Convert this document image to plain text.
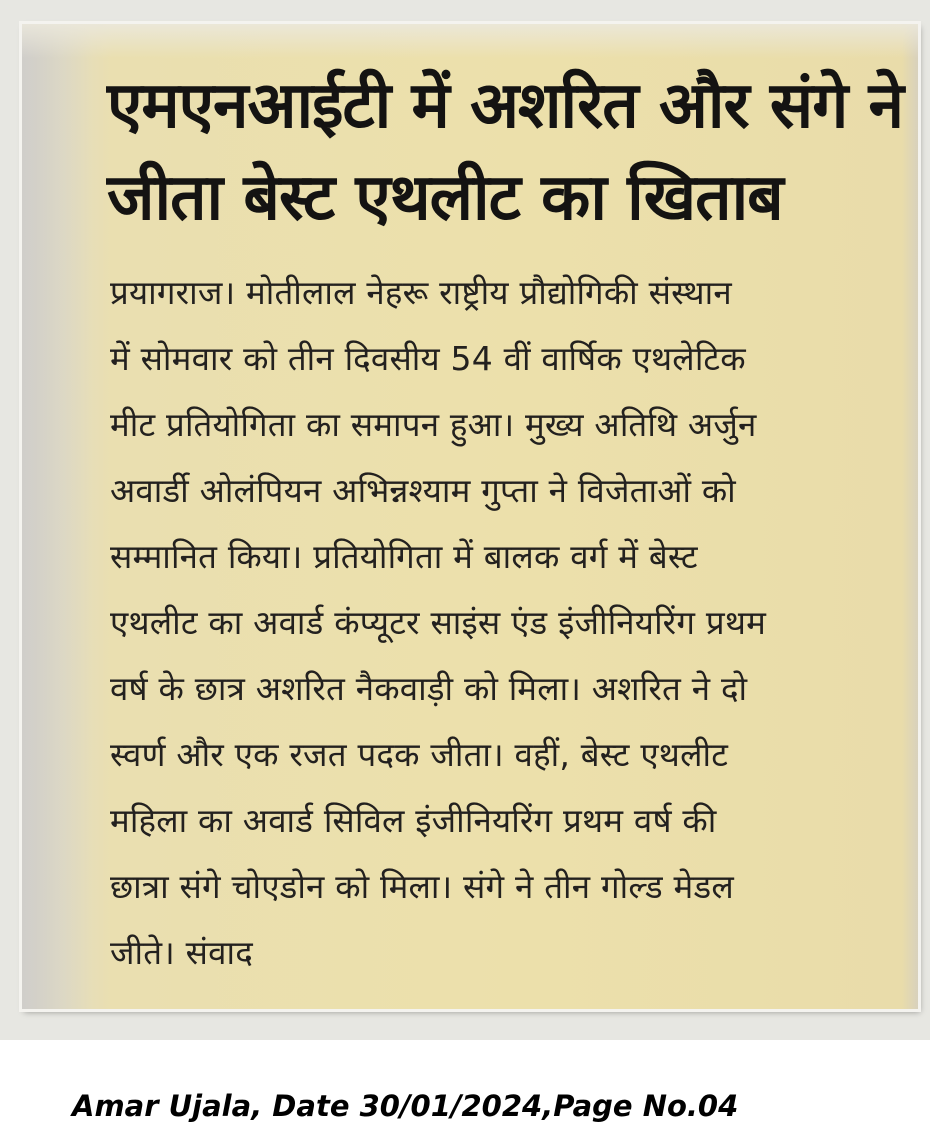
एमएनआईटी में अशरित और संगे ने
जीता बेस्ट एथलीट का खिताब
प्रयागराज। मोतीलाल नेहरू राष्ट्रीय प्रौद्योगिकी संस्थान
में सोमवार को तीन दिवसीय 54 वीं वार्षिक एथलेटिक
मीट प्रतियोगिता का समापन हुआ। मुख्य अतिथि अर्जुन
अवार्डी ओलंपियन अभिन्नश्याम गुप्ता ने विजेताओं को
सम्मानित किया। प्रतियोगिता में बालक वर्ग में बेस्ट
एथलीट का अवार्ड कंप्यूटर साइंस एंड इंजीनियरिंग प्रथम
वर्ष के छात्र अशरित नैकवाड़ी को मिला। अशरित ने दो
स्वर्ण और एक रजत पदक जीता। वहीं, बेस्ट एथलीट
महिला का अवार्ड सिविल इंजीनियरिंग प्रथम वर्ष की
छात्रा संगे चोएडोन को मिला। संगे ने तीन गोल्ड मेडल
जीते। संवाद

Amar Ujala, Date 30/01/2024,Page No.04
